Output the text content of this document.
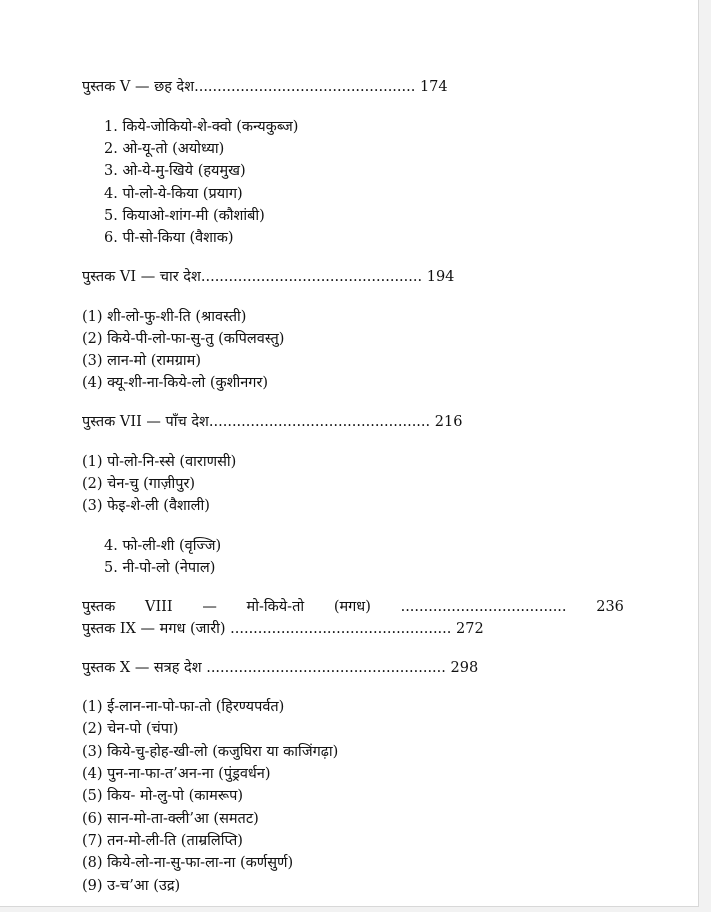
पुस्तक V — छह देश................................................ 174
1. किये-जोकियो-शे-क्वो (कन्यकुब्ज)
2. ओ-यू-तो (अयोध्या)
3. ओ-ये-मु-खिये (हयमुख)
4. पो-लो-ये-किया (प्रयाग)
5. कियाओ-शांग-मी (कौशांबी)
6. पी-सो-किया (वैशाक)
पुस्तक VI — चार देश................................................ 194
(1) शी-लो-फु-शी-ति (श्रावस्ती)
(2) किये-पी-लो-फा-सु-तु (कपिलवस्तु)
(3) लान-मो (रामग्राम)
(4) क्यू-शी-ना-किये-लो (कुशीनगर)
पुस्तक VII — पाँच देश................................................ 216
(1) पो-लो-नि-स्से (वाराणसी)
(2) चेन-चु (गाज़ीपुर)
(3) फेइ-शे-ली (वैशाली)
4. फो-ली-शी (वृज्जि)
5. नी-पो-लो (नेपाल)
पुस्तक VIII — मो-किये-तो (मगध) .................................... 236
पुस्तक IX — मगध (जारी) ................................................ 272
पुस्तक X — सत्रह देश .................................................... 298
(1) ई-लान-ना-पो-फा-तो (हिरण्यपर्वत)
(2) चेन-पो (चंपा)
(3) किये-चु-होह-खी-लो (कजुघिरा या काजिंगढ़ा)
(4) पुन-ना-फा-त’अन-ना (पुंड्रवर्धन)
(5) किय- मो-लु-पो (कामरूप)
(6) सान-मो-ता-क्ली’आ (समतट)
(7) तन-मो-ली-ति (ताम्रलिप्ति)
(8) किये-लो-ना-सु-फा-ला-ना (कर्णसुर्ण)
(9) उ-च’आ (उद्र)
